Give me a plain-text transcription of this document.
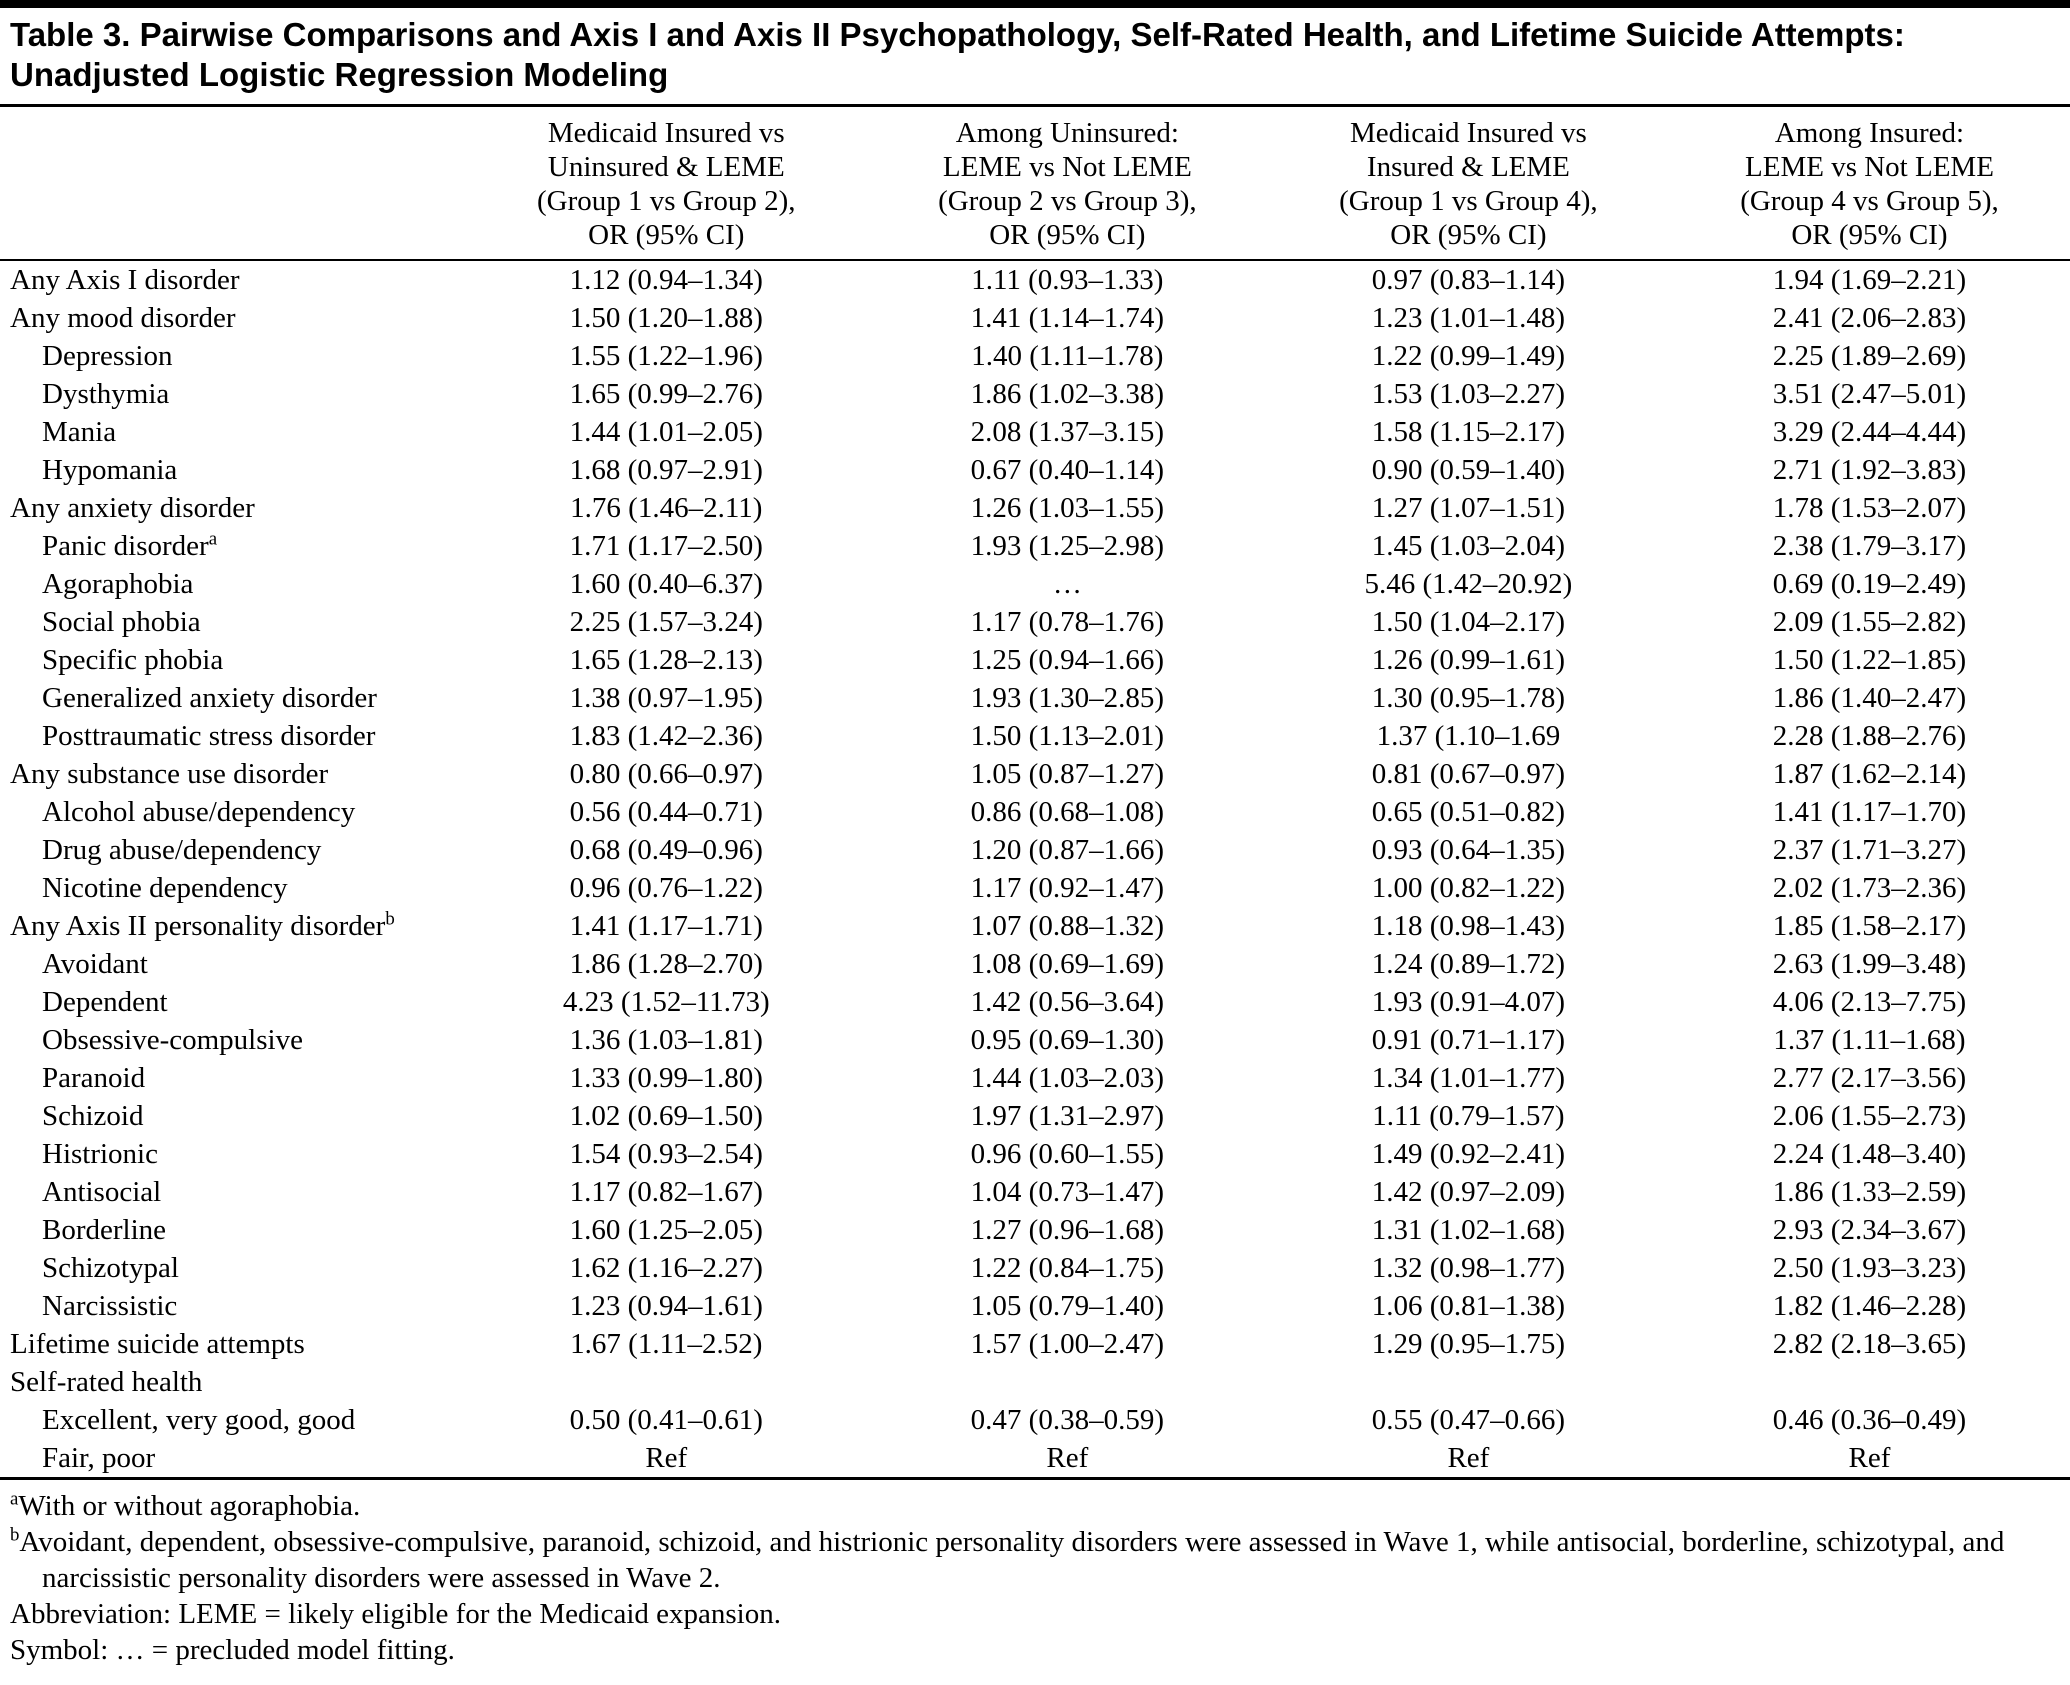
Table 3. Pairwise Comparisons and Axis I and Axis II Psychopathology, Self-Rated Health, and Lifetime Suicide Attempts:
Unadjusted Logistic Regression Modeling

Medicaid Insured vs
Uninsured & LEME
(Group 1 vs Group 2),
OR (95% CI)

Among Uninsured:
LEME vs Not LEME
(Group 2 vs Group 3),
OR (95% CI)

Medicaid Insured vs
Insured & LEME
(Group 1 vs Group 4),
OR (95% CI)

Among Insured:
LEME vs Not LEME
(Group 4 vs Group 5),
OR (95% CI)

Any Axis I disorder	1.12 (0.94–1.34)	1.11 (0.93–1.33)	0.97 (0.83–1.14)	1.94 (1.69–2.21)
Any mood disorder	1.50 (1.20–1.88)	1.41 (1.14–1.74)	1.23 (1.01–1.48)	2.41 (2.06–2.83)
Depression	1.55 (1.22–1.96)	1.40 (1.11–1.78)	1.22 (0.99–1.49)	2.25 (1.89–2.69)
Dysthymia	1.65 (0.99–2.76)	1.86 (1.02–3.38)	1.53 (1.03–2.27)	3.51 (2.47–5.01)
Mania	1.44 (1.01–2.05)	2.08 (1.37–3.15)	1.58 (1.15–2.17)	3.29 (2.44–4.44)
Hypomania	1.68 (0.97–2.91)	0.67 (0.40–1.14)	0.90 (0.59–1.40)	2.71 (1.92–3.83)
Any anxiety disorder	1.76 (1.46–2.11)	1.26 (1.03–1.55)	1.27 (1.07–1.51)	1.78 (1.53–2.07)
Panic disorder$^a$	1.71 (1.17–2.50)	1.93 (1.25–2.98)	1.45 (1.03–2.04)	2.38 (1.79–3.17)
Agoraphobia	1.60 (0.40–6.37)	…	5.46 (1.42–20.92)	0.69 (0.19–2.49)
Social phobia	2.25 (1.57–3.24)	1.17 (0.78–1.76)	1.50 (1.04–2.17)	2.09 (1.55–2.82)
Specific phobia	1.65 (1.28–2.13)	1.25 (0.94–1.66)	1.26 (0.99–1.61)	1.50 (1.22–1.85)
Generalized anxiety disorder	1.38 (0.97–1.95)	1.93 (1.30–2.85)	1.30 (0.95–1.78)	1.86 (1.40–2.47)
Posttraumatic stress disorder	1.83 (1.42–2.36)	1.50 (1.13–2.01)	1.37 (1.10–1.69	2.28 (1.88–2.76)
Any substance use disorder	0.80 (0.66–0.97)	1.05 (0.87–1.27)	0.81 (0.67–0.97)	1.87 (1.62–2.14)
Alcohol abuse/dependency	0.56 (0.44–0.71)	0.86 (0.68–1.08)	0.65 (0.51–0.82)	1.41 (1.17–1.70)
Drug abuse/dependency	0.68 (0.49–0.96)	1.20 (0.87–1.66)	0.93 (0.64–1.35)	2.37 (1.71–3.27)
Nicotine dependency	0.96 (0.76–1.22)	1.17 (0.92–1.47)	1.00 (0.82–1.22)	2.02 (1.73–2.36)
Any Axis II personality disorder$^b$	1.41 (1.17–1.71)	1.07 (0.88–1.32)	1.18 (0.98–1.43)	1.85 (1.58–2.17)
Avoidant	1.86 (1.28–2.70)	1.08 (0.69–1.69)	1.24 (0.89–1.72)	2.63 (1.99–3.48)
Dependent	4.23 (1.52–11.73)	1.42 (0.56–3.64)	1.93 (0.91–4.07)	4.06 (2.13–7.75)
Obsessive-compulsive	1.36 (1.03–1.81)	0.95 (0.69–1.30)	0.91 (0.71–1.17)	1.37 (1.11–1.68)
Paranoid	1.33 (0.99–1.80)	1.44 (1.03–2.03)	1.34 (1.01–1.77)	2.77 (2.17–3.56)
Schizoid	1.02 (0.69–1.50)	1.97 (1.31–2.97)	1.11 (0.79–1.57)	2.06 (1.55–2.73)
Histrionic	1.54 (0.93–2.54)	0.96 (0.60–1.55)	1.49 (0.92–2.41)	2.24 (1.48–3.40)
Antisocial	1.17 (0.82–1.67)	1.04 (0.73–1.47)	1.42 (0.97–2.09)	1.86 (1.33–2.59)
Borderline	1.60 (1.25–2.05)	1.27 (0.96–1.68)	1.31 (1.02–1.68)	2.93 (2.34–3.67)
Schizotypal	1.62 (1.16–2.27)	1.22 (0.84–1.75)	1.32 (0.98–1.77)	2.50 (1.93–3.23)
Narcissistic	1.23 (0.94–1.61)	1.05 (0.79–1.40)	1.06 (0.81–1.38)	1.82 (1.46–2.28)
Lifetime suicide attempts	1.67 (1.11–2.52)	1.57 (1.00–2.47)	1.29 (0.95–1.75)	2.82 (2.18–3.65)
Self-rated health				
Excellent, very good, good	0.50 (0.41–0.61)	0.47 (0.38–0.59)	0.55 (0.47–0.66)	0.46 (0.36–0.49)
Fair, poor	Ref	Ref	Ref	Ref

$^a$With or without agoraphobia.

$^b$Avoidant, dependent, obsessive-compulsive, paranoid, schizoid, and histrionic personality disorders were assessed in Wave 1, while antisocial, borderline, schizotypal, and narcissistic personality disorders were assessed in Wave 2.

Abbreviation: LEME = likely eligible for the Medicaid expansion.

Symbol: … = precluded model fitting.
